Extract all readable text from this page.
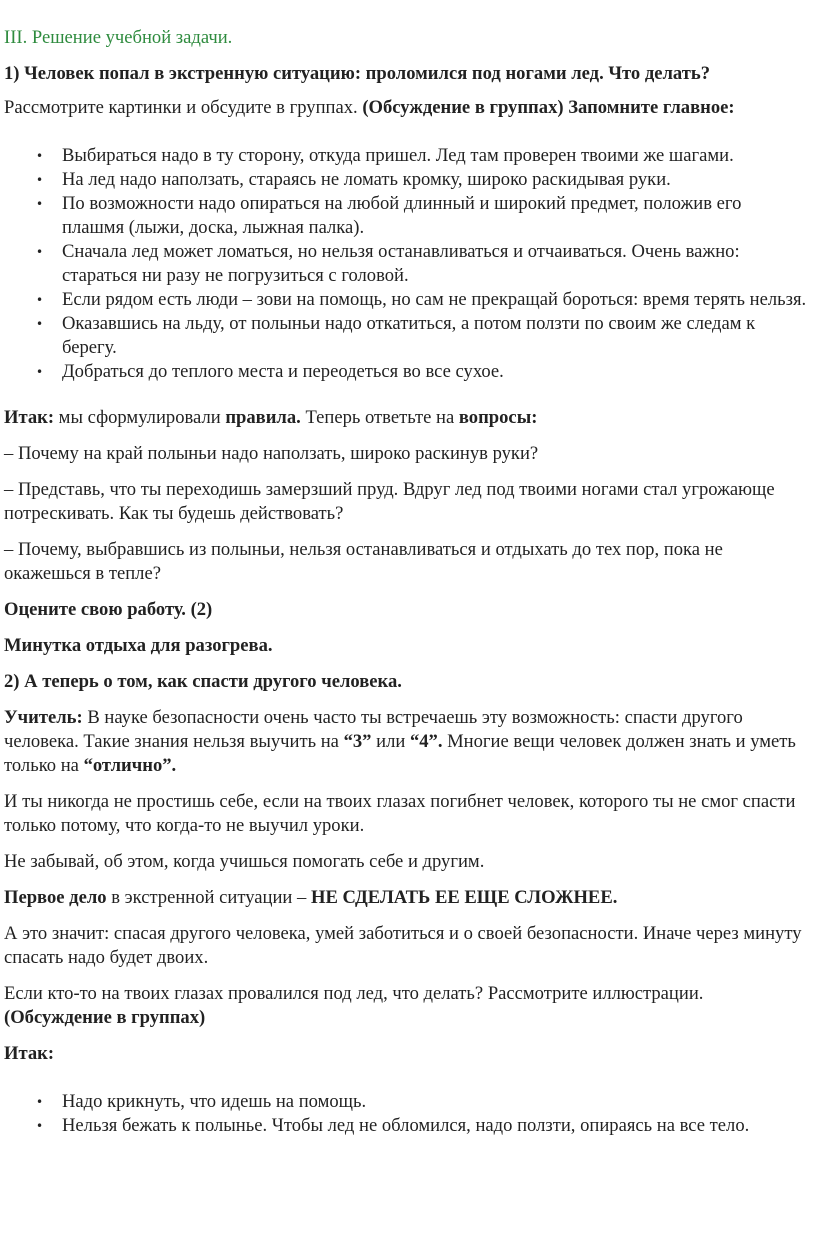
III. Решение учебной задачи.

1) Человек попал в экстренную ситуацию: проломился под ногами лед. Что делать?

Рассмотрите картинки и обсудите в группах. (Обсуждение в группах) Запомните главное:

• Выбираться надо в ту сторону, откуда пришел. Лед там проверен твоими же шагами.
• На лед надо наползать, стараясь не ломать кромку, широко раскидывая руки.
• По возможности надо опираться на любой длинный и широкий предмет, положив его плашмя (лыжи, доска, лыжная палка).
• Сначала лед может ломаться, но нельзя останавливаться и отчаиваться. Очень важно: стараться ни разу не погрузиться с головой.
• Если рядом есть люди – зови на помощь, но сам не прекращай бороться: время терять нельзя.
• Оказавшись на льду, от полыньи надо откатиться, а потом ползти по своим же следам к берегу.
• Добраться до теплого места и переодеться во все сухое.

Итак: мы сформулировали правила. Теперь ответьте на вопросы:

– Почему на край полыньи надо наползать, широко раскинув руки?

– Представь, что ты переходишь замерзший пруд. Вдруг лед под твоими ногами стал угрожающе потрескивать. Как ты будешь действовать?

– Почему, выбравшись из полыньи, нельзя останавливаться и отдыхать до тех пор, пока не окажешься в тепле?

Оцените свою работу. (2)

Минутка отдыха для разогрева.

2) А теперь о том, как спасти другого человека.

Учитель: В науке безопасности очень часто ты встречаешь эту возможность: спасти другого человека. Такие знания нельзя выучить на “3” или “4”. Многие вещи человек должен знать и уметь только на “отлично”.

И ты никогда не простишь себе, если на твоих глазах погибнет человек, которого ты не смог спасти только потому, что когда-то не выучил уроки.

Не забывай, об этом, когда учишься помогать себе и другим.

Первое дело в экстренной ситуации – НЕ СДЕЛАТЬ ЕЕ ЕЩЕ СЛОЖНЕЕ.

А это значит: спасая другого человека, умей заботиться и о своей безопасности. Иначе через минуту спасать надо будет двоих.

Если кто-то на твоих глазах провалился под лед, что делать? Рассмотрите иллюстрации. (Обсуждение в группах)

Итак:

• Надо крикнуть, что идешь на помощь.
• Нельзя бежать к полынье. Чтобы лед не обломился, надо ползти, опираясь на все тело.
